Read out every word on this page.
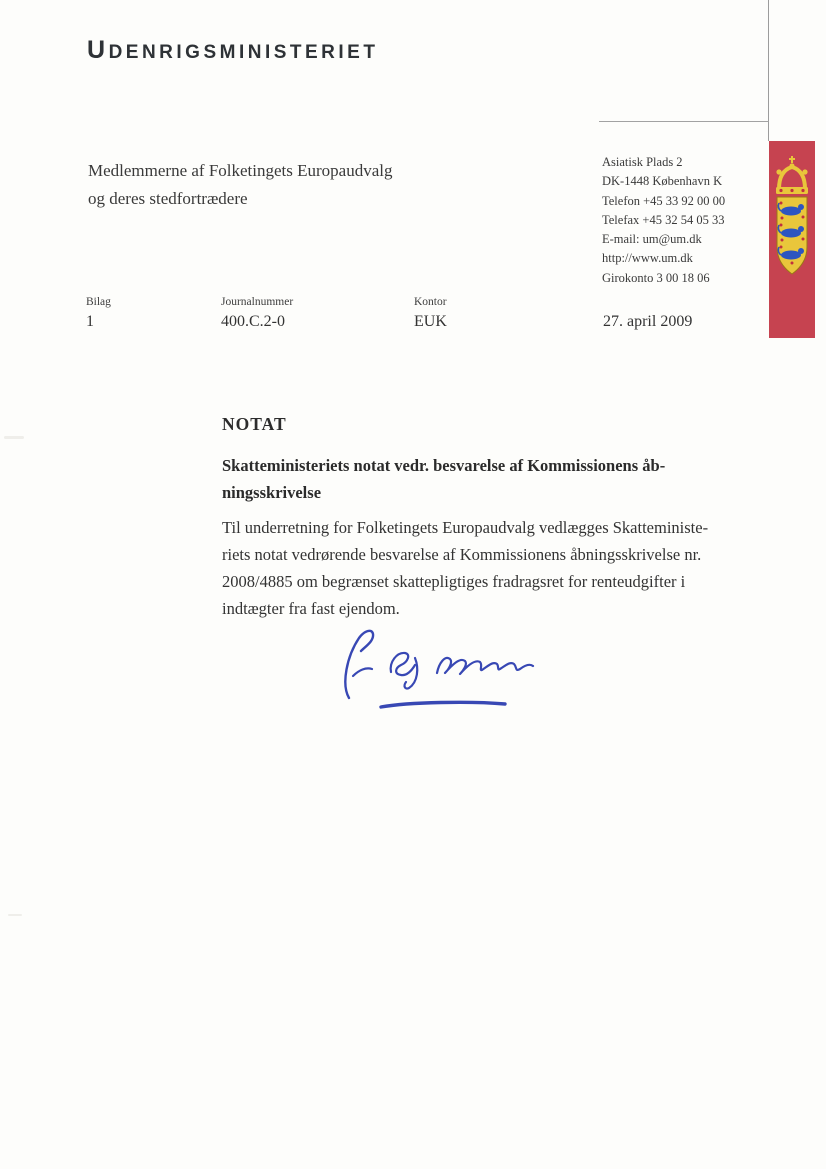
UDENRIGSMINISTERIET
Medlemmerne af Folketingets Europaudvalg
og deres stedfortrædere
Asiatisk Plads 2
DK-1448 København K
Telefon +45 33 92 00 00
Telefax +45 32 54 05 33
E-mail: um@um.dk
http://www.um.dk
Girokonto 3 00 18 06
Bilag
1
Journalnummer
400.C.2-0
Kontor
EUK	27. april 2009
NOTAT
Skatteministeriets notat vedr. besvarelse af Kommissionens åb-
ningsskrivelse
Til underretning for Folketingets Europaudvalg vedlægges Skatteministe-
riets notat vedrørende besvarelse af Kommissionens åbningsskrivelse nr.
2008/4885 om begrænset skattepligtiges fradragsret for renteudgifter i
indtægter fra fast ejendom.
